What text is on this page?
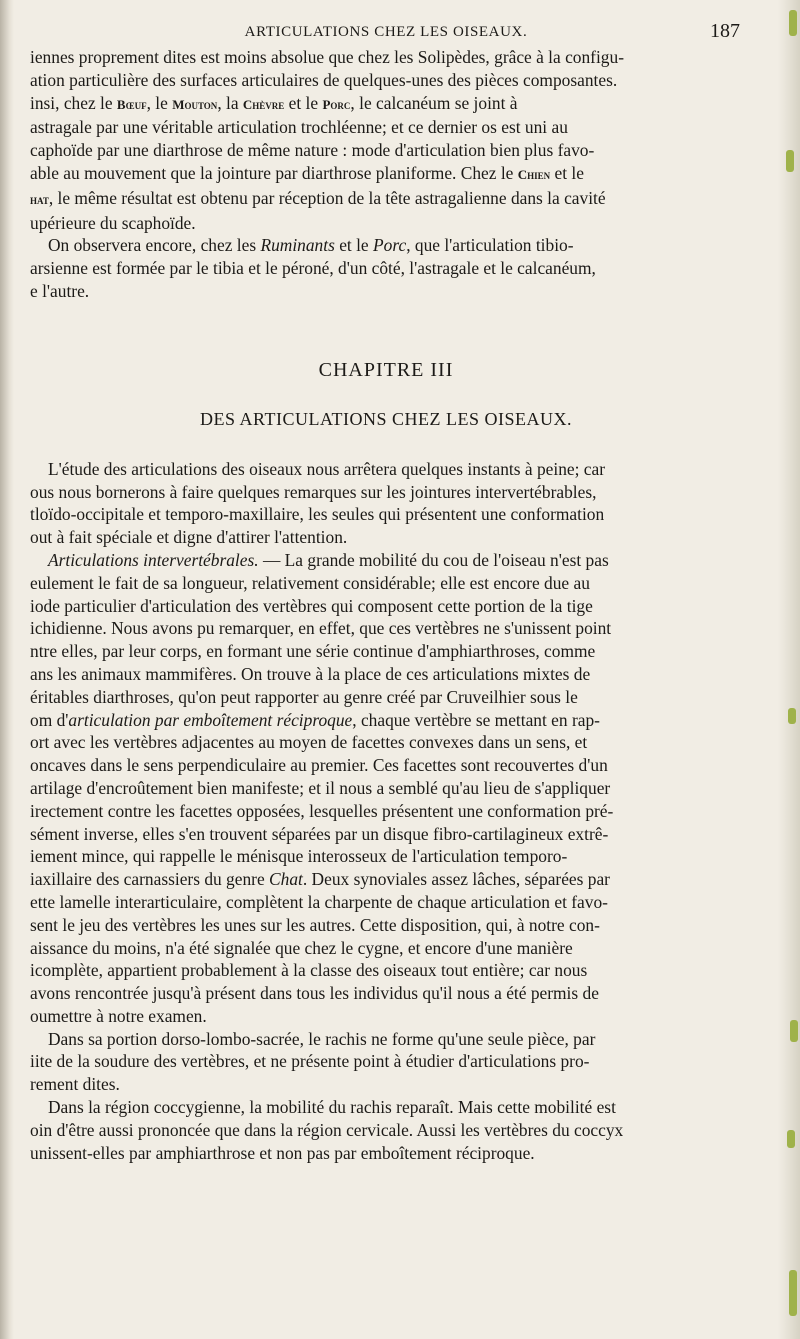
ARTICULATIONS CHEZ LES OISEAUX.	187

iennes proprement dites est moins absolue que chez les Solipèdes, grâce à la configu-

ation particulière des surfaces articulaires de quelques-unes des pièces composantes.

insi, chez le Bœuf, le Mouton, la Chèvre et le Porc, le calcanéum se joint à

astragale par une véritable articulation trochléenne; et ce dernier os est uni au

caphoïde par une diarthrose de même nature : mode d'articulation bien plus favo-

able au mouvement que la jointure par diarthrose planiforme. Chez le Chien et le

hat, le même résultat est obtenu par réception de la tête astragalienne dans la cavité

upérieure du scaphoïde.

On observera encore, chez les Ruminants et le Porc, que l'articulation tibio-

arsienne est formée par le tibia et le péroné, d'un côté, l'astragale et le calcanéum,

e l'autre.

CHAPITRE III
DES ARTICULATIONS CHEZ LES OISEAUX.

L'étude des articulations des oiseaux nous arrêtera quelques instants à peine; car

ous nous bornerons à faire quelques remarques sur les jointures intervertébrables,

tloïdo-occipitale et temporo-maxillaire, les seules qui présentent une conformation

out à fait spéciale et digne d'attirer l'attention.

Articulations intervertébrales. — La grande mobilité du cou de l'oiseau n'est pas

eulement le fait de sa longueur, relativement considérable; elle est encore due au

iode particulier d'articulation des vertèbres qui composent cette portion de la tige

ichidienne. Nous avons pu remarquer, en effet, que ces vertèbres ne s'unissent point

ntre elles, par leur corps, en formant une série continue d'amphiarthroses, comme

ans les animaux mammifères. On trouve à la place de ces articulations mixtes de

éritables diarthroses, qu'on peut rapporter au genre créé par Cruveilhier sous le

om d'articulation par emboîtement réciproque, chaque vertèbre se mettant en rap-

ort avec les vertèbres adjacentes au moyen de facettes convexes dans un sens, et

oncaves dans le sens perpendiculaire au premier. Ces facettes sont recouvertes d'un

artilage d'encroûtement bien manifeste; et il nous a semblé qu'au lieu de s'appliquer

irectement contre les facettes opposées, lesquelles présentent une conformation pré-

sément inverse, elles s'en trouvent séparées par un disque fibro-cartilagineux extrê-

iement mince, qui rappelle le ménisque interosseux de l'articulation temporo-

iaxillaire des carnassiers du genre Chat. Deux synoviales assez lâches, séparées par

ette lamelle interarticulaire, complètent la charpente de chaque articulation et favo-

sent le jeu des vertèbres les unes sur les autres. Cette disposition, qui, à notre con-

aissance du moins, n'a été signalée que chez le cygne, et encore d'une manière

icomplète, appartient probablement à la classe des oiseaux tout entière; car nous

avons rencontrée jusqu'à présent dans tous les individus qu'il nous a été permis de

oumettre à notre examen.

Dans sa portion dorso-lombo-sacrée, le rachis ne forme qu'une seule pièce, par

iite de la soudure des vertèbres, et ne présente point à étudier d'articulations pro-

rement dites.

Dans la région coccygienne, la mobilité du rachis reparaît. Mais cette mobilité est

oin d'être aussi prononcée que dans la région cervicale. Aussi les vertèbres du coccyx

unissent-elles par amphiarthrose et non pas par emboîtement réciproque.
